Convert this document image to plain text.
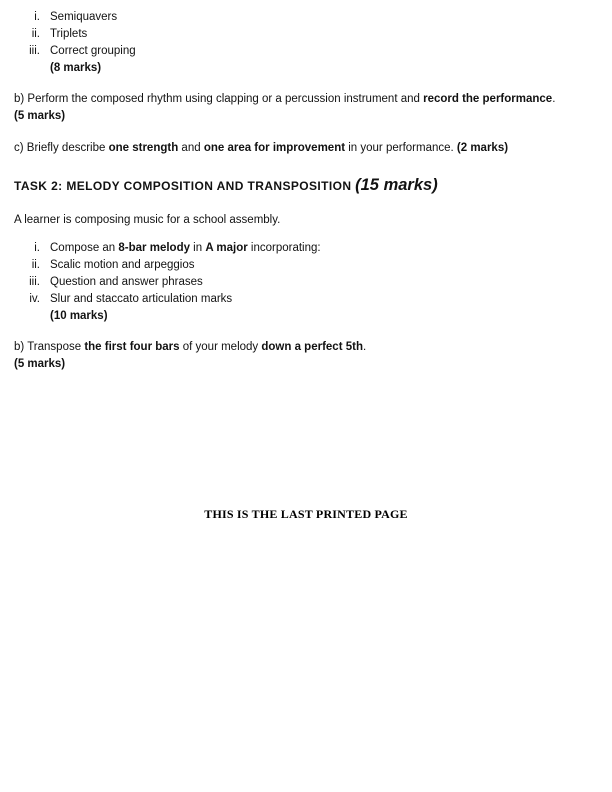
i. Semiquavers
ii. Triplets
iii. Correct grouping
(8 marks)

b) Perform the composed rhythm using clapping or a percussion instrument and record the performance.
(5 marks)

c) Briefly describe one strength and one area for improvement in your performance. (2 marks)

TASK 2: MELODY COMPOSITION AND TRANSPOSITION (15 marks)

A learner is composing music for a school assembly.

i. Compose an 8-bar melody in A major incorporating:
ii. Scalic motion and arpeggios
iii. Question and answer phrases
iv. Slur and staccato articulation marks
(10 marks)

b) Transpose the first four bars of your melody down a perfect 5th.
(5 marks)

THIS IS THE LAST PRINTED PAGE
